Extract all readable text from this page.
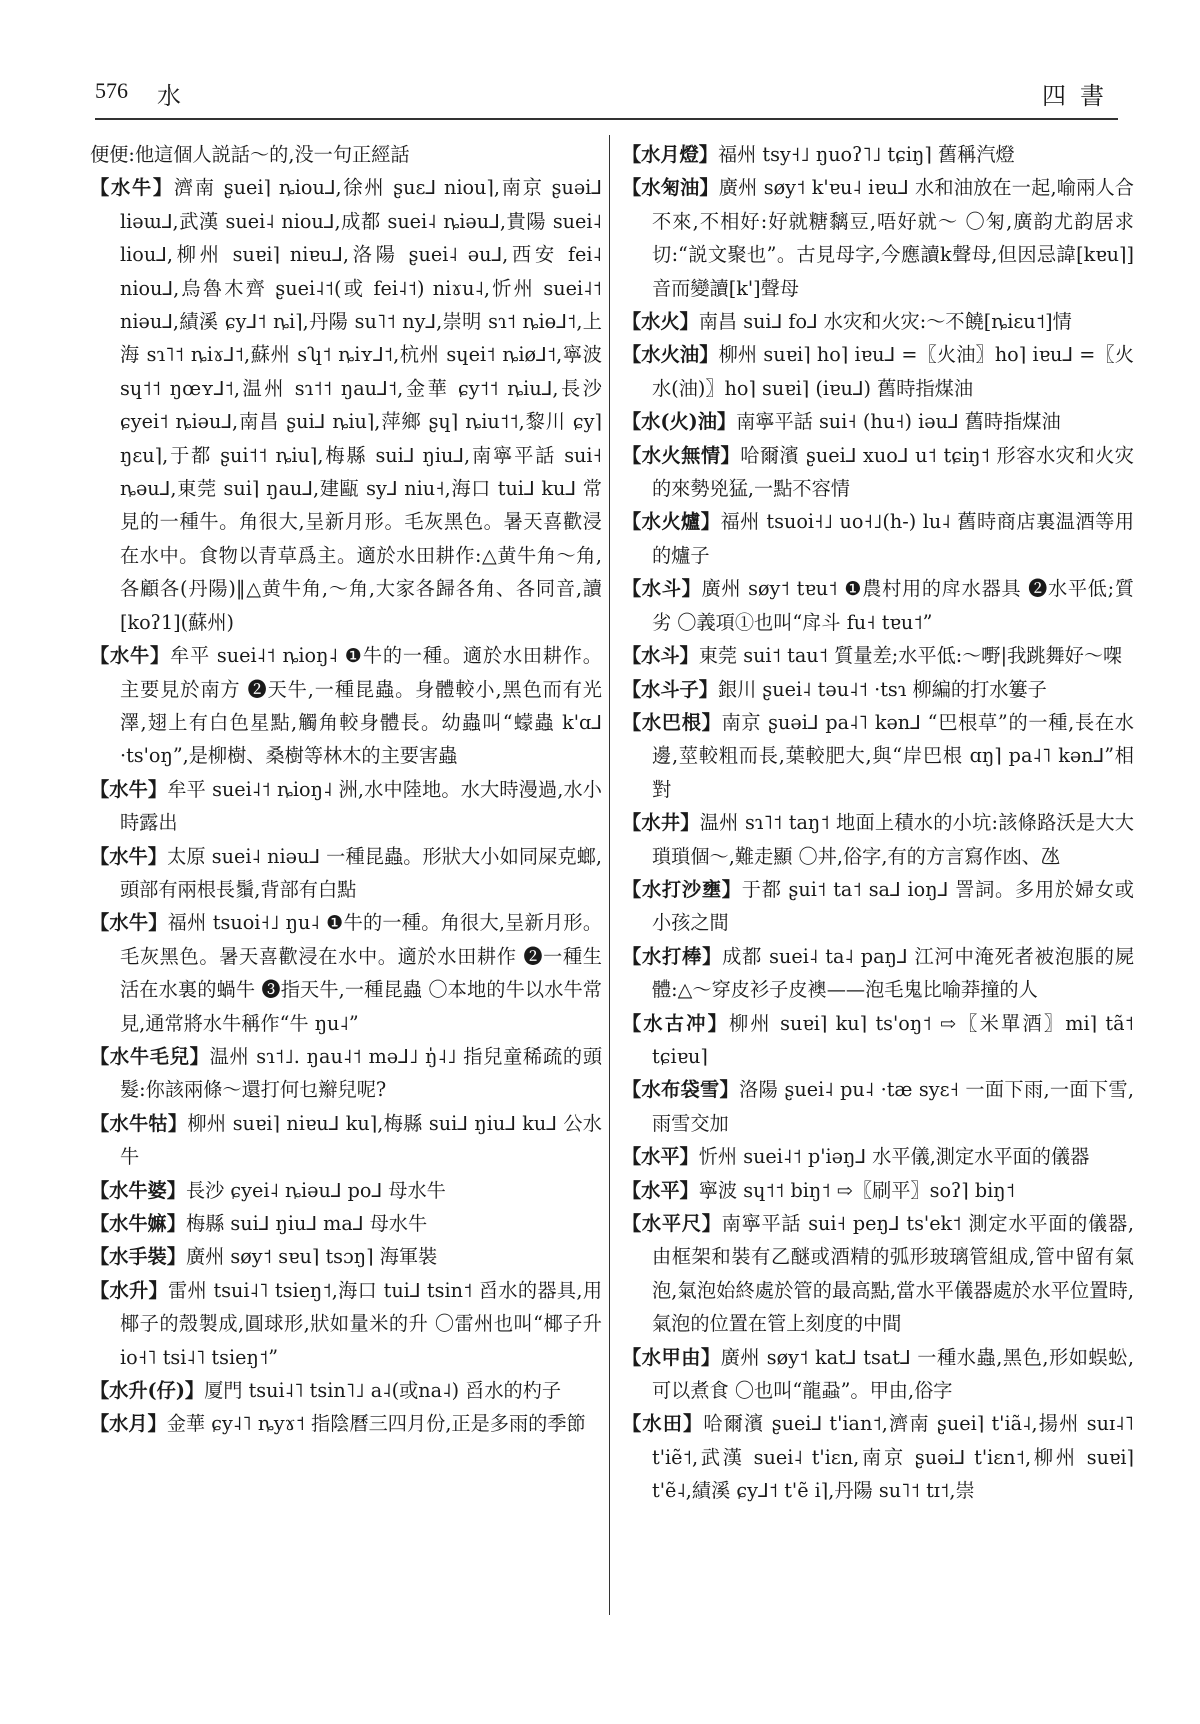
576 水	四書
便便:他這個人説話～的,没一句正經話
【水牛】濟南 ʂuei⌉ ȵiou⅃,徐州 ʂuɛ⅃ niou⌉,南京 ʂuəi⅃ liəɯ⅃,武漢 suei˨ niou⅃,成都 suei˨ ȵiəu⅃,貴陽 suei˨ liou⅃,柳州 suɐi⌉ niɐu⅃,洛陽 ʂuei˨ əu⅃,西安 fei˨ niou⅃,烏魯木齊 ʂuei˨˦(或 fei˨˦) niɤu˨,忻州 suei˨˦ niəu⅃,績溪 ɕy⅃˦ ȵi⌉,丹陽 su˥˦ ny⅃,崇明 sɿ˦ ȵiɵ⅃˦,上海 sɿ˥˦ ȵiɤ⅃˦,蘇州 sʮ˦ ȵiʏ⅃˦,杭州 sɥei˦ ȵiø⅃˦,寧波 sɥ˦˦ ŋœʏ⅃˦,温州 sɿ˦˦ ŋau⅃˦,金華 ɕy˦˦ ȵiu⅃,長沙 ɕyei˦ ȵiəu⅃,南昌 ʂui⅃ ȵiu⌉,萍鄉 ʂɥ⌉ ȵiu˦˦,黎川 ɕy⌉ ŋɛu⌉,于都 ʂui˦˦ ȵiu⌉,梅縣 sui⅃ ŋiu⅃,南寧平話 sui˧ ȵəu⅃,東莞 sui⌉ ŋau⅃,建甌 sy⅃ niu˧,海口 tui⅃ ku⅃ 常見的一種牛。角很大,呈新月形。毛灰黑色。暑天喜歡浸在水中。食物以青草爲主。適於水田耕作:△黄牛角～角,各顧各(丹陽)‖△黄牛角,～角,大家各歸各角、各同音,讀[koʔ1](蘇州)
【水牛】牟平 suei˨˦ ȵioŋ˨ ❶牛的一種。適於水田耕作。主要見於南方 ❷天牛,一種昆蟲。身體較小,黑色而有光澤,翅上有白色星點,觸角較身體長。幼蟲叫“蠓蟲 k'ɑ⅃ ·ts'oŋ”,是柳樹、桑樹等林木的主要害蟲
【水牛】牟平 suei˨˦ ȵioŋ˨ 洲,水中陸地。水大時漫過,水小時露出
【水牛】太原 suei˨ niəu⅃ 一種昆蟲。形狀大小如同屎克螂,頭部有兩根長鬚,背部有白點
【水牛】福州 tsuoi˧˩ ŋu˨ ❶牛的一種。角很大,呈新月形。毛灰黑色。暑天喜歡浸在水中。適於水田耕作 ❷一種生活在水裏的蝸牛 ❸指天牛,一種昆蟲 〇本地的牛以水牛常見,通常將水牛稱作“牛 ŋu˨”
【水牛毛兒】温州 sɿ˦˩. ŋau˨˦ mə⅃˩ ŋ̍˨˩ 指兒童稀疏的頭髮:你該兩條～還打何乜辮兒呢?
【水牛牯】柳州 suɐi⌉ niɐu⅃ ku⌉,梅縣 sui⅃ ŋiu⅃ ku⅃ 公水牛
【水牛婆】長沙 ɕyei˨ ȵiəu⅃ po⅃ 母水牛
【水牛嫲】梅縣 sui⅃ ŋiu⅃ ma⅃ 母水牛
【水手裝】廣州 søy˦ sɐu⌉ tsɔŋ⌉ 海軍裝
【水升】雷州 tsui˨˥ tsieŋ˦,海口 tui⅃ tsin˦ 舀水的器具,用椰子的殼製成,圓球形,狀如量米的升 〇雷州也叫“椰子升 io˧˥ tsi˨˥ tsieŋ˦”
【水升(仔)】厦門 tsui˨˥ tsin˥˩ a˨(或na˨) 舀水的杓子
【水月】金華 ɕy˨˥ ȵyɤ˦ 指陰曆三四月份,正是多雨的季節
【水月燈】福州 tsy˧˩ ŋuoʔ˥˩ tɕiŋ⌉ 舊稱汽燈
【水匊油】廣州 søy˦ k'ɐu˨ iɐu⅃ 水和油放在一起,喻兩人合不來,不相好:好就糖黐豆,唔好就～ 〇匊,廣韵尤韵居求切:“説文聚也”。古見母字,今應讀k聲母,但因忌諱[kɐu⌉]音而變讀[k']聲母
【水火】南昌 sui⅃ fo⅃ 水灾和火灾:～不饒[ȵiɛu˦]情
【水火油】柳州 suɐi⌉ ho⌉ iɐu⅃ =〖火油〗ho⌉ iɐu⅃ =〖火水(油)〗ho⌉ suɐi⌉ (iɐu⅃) 舊時指煤油
【水(火)油】南寧平話 sui˧ (hu˧) iəu⅃ 舊時指煤油
【水火無情】哈爾濱 ʂuei⅃ xuo⅃ u˦ tɕiŋ˦ 形容水灾和火灾的來勢兇猛,一點不容情
【水火爐】福州 tsuoi˧˩ uo˧˩(h-) lu˨ 舊時商店裏温酒等用的爐子
【水斗】廣州 søy˦ tɐu˦ ❶農村用的戽水器具 ❷水平低;質劣 〇義項①也叫“戽斗 fu˧ tɐu˦”
【水斗】東莞 sui˦ tau˦ 質量差;水平低:～嘢|我跳舞好～㗎
【水斗子】銀川 ʂuei˨ təu˨˦ ·tsɿ 柳編的打水簍子
【水巴根】南京 ʂuəi⅃ pa˨˥ kən⅃ “巴根草”的一種,長在水邊,莖較粗而長,葉較肥大,與“岸巴根 ɑŋ⌉ pa˨˥ kən⅃”相對
【水井】温州 sɿ˥˦ taŋ˦ 地面上積水的小坑:該條路沃是大大瑣瑣個～,難走顯 〇丼,俗字,有的方言寫作凼、氹
【水打沙壅】于都 ʂui˦ ta˦ sa⅃ ioŋ⅃ 詈詞。多用於婦女或小孩之間
【水打棒】成都 suei˨ ta˨ paŋ⅃ 江河中淹死者被泡脹的屍體:△～穿皮衫子皮襖——泡毛鬼比喻莽撞的人
【水古冲】柳州 suɐi⌉ ku⌉ ts'oŋ˦ ⇨〖米單酒〗mi⌉ tã˦ tɕiɐu⌉
【水布袋雪】洛陽 ʂuei˨ pu˨ ·tæ syɛ˧ 一面下雨,一面下雪,雨雪交加
【水平】忻州 suei˨˦ p'iəŋ⅃ 水平儀,測定水平面的儀器
【水平】寧波 sɥ˦˦ biŋ˦ ⇨〖刷平〗soʔ⌉ biŋ˦
【水平尺】南寧平話 sui˧ peŋ⅃ ts'ek˦ 測定水平面的儀器,由框架和裝有乙醚或酒精的弧形玻璃管組成,管中留有氣泡,氣泡始終處於管的最高點,當水平儀器處於水平位置時,氣泡的位置在管上刻度的中間
【水甲由】廣州 søy˦ kat⅃ tsat⅃ 一種水蟲,黑色,形如蜈蚣,可以煮食 〇也叫“龍蝨”。甲由,俗字
【水田】哈爾濱 ʂuei⅃ t'ian˦,濟南 ʂuei⌉ t'iã˨,揚州 suɪ˨˥ t'iẽ˦,武漢 suei˨ t'iɛn,南京 ʂuəi⅃ t'iɛn˦,柳州 suɐi⌉ t'ẽ˨,績溪 ɕy⅃˦ t'ẽ i⌉,丹陽 su˥˦ tɪ˦,崇
